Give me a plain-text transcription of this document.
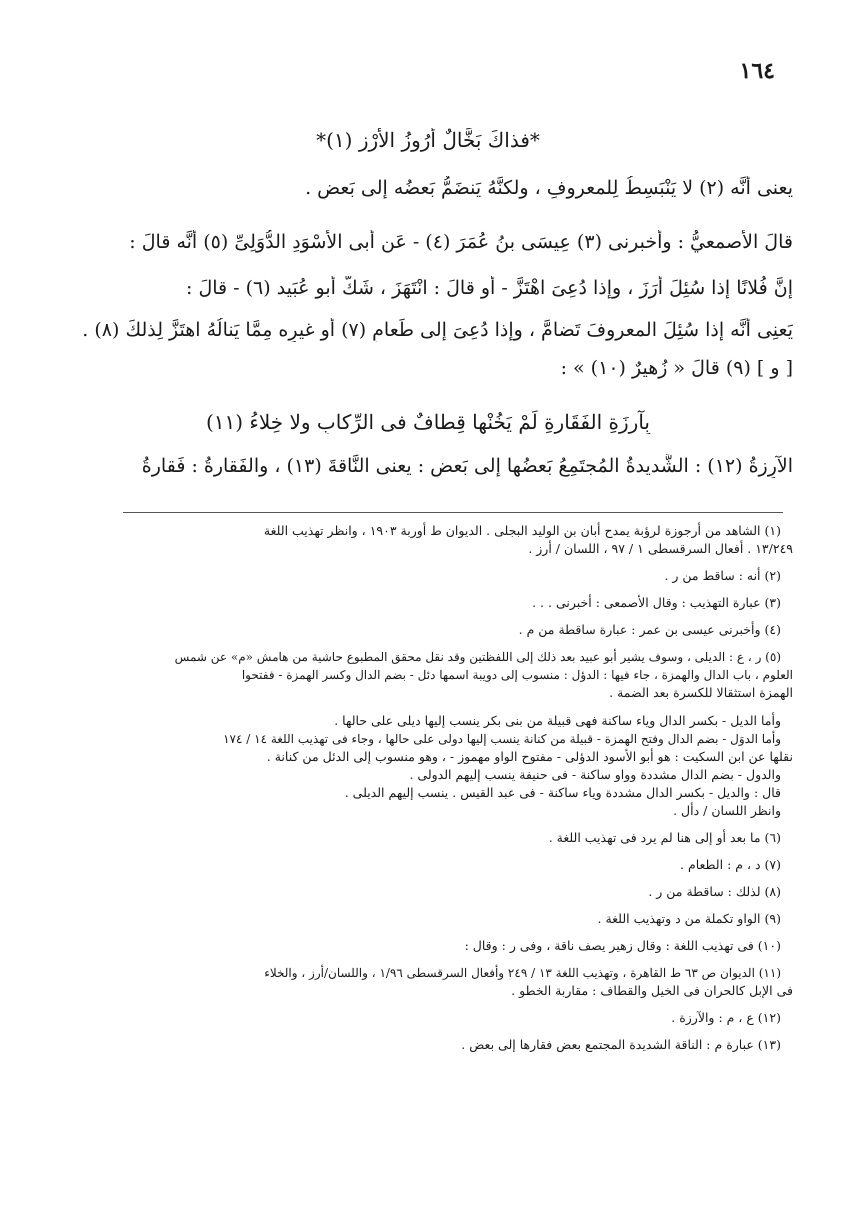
١٦٤

*فذاكَ بَخَّالٌ أَرُوزُ الأَرْزِ (١)*

يعنى أنَّه (٢) لا يَنْبَسِطُ لِلمعروفِ ، ولكنَّهُ يَنضَمُّ بَعضُه إلى بَعضٍ .

قالَ الأَصمعيُّ : وأَخبرنى (٣) عِيسَى بنُ عُمَرَ (٤) - عَن أَبى الأَسْوَدِ الدُّوَلِىِّ (٥) أَنَّه قالَ :

إنَّ فُلانًا إذا سُئِلَ أَرَزَ ، وإذا دُعِىَ اهْتَزَّ - أو قالَ : انْتَهَزَ ، شَكَّ أبو عُبَيد (٦) - قالَ :

يَعنِى أنَّه إذا سُئِلَ المعروفَ تَضامَّ ، وإذا دُعِىَ إلى طَعامٍ (٧) أو غيرِه مِمَّا يَنالُهُ اهتَزَّ لِذلكَ (٨) .

[ و ] (٩) قالَ « زُهيرٌ (١٠) » :

بِآرِزَةِ الفَقَارةِ لَمْ يَخُنْها قِطافٌ فى الرِّكابِ ولا خِلاءُ (١١)

الآرِزةُ (١٢) : الشَّديدةُ المُجتَمِعُ بَعضُها إلى بَعضٍ : يعنى النَّاقةَ (١٣) ، والفَقارةُ : فَقارةُ

(١) الشاهد من أرجوزة لرؤبة يمدح أبان بن الوليد البجلى . الديوان ط أوربة ١٩٠٣ ، وانظر تهذيب اللغة

١٣/٢٤٩ . أفعال السرقسطى ١ / ٩٧ ، اللسان / أرز .

(٢) أنه : ساقط من ر .

(٣) عبارة التهذيب : وقال الأصمعى : أخبرنى . . .

(٤) وأخبرنى عيسى بن عمر : عبارة ساقطة من م .

(٥) ر ، ع : الديلى ، وسوف يشير أبو عبيد بعد ذلك إلى اللفظتين وقد نقل محقق المطبوع حاشية من هامش «م» عن شمس

العلوم ، باب الدال والهمزة ، جاء فيها : الدؤل : منسوب إلى دويبة اسمها دئل - بضم الدال وكسر الهمزة - ففتحوا

الهمزة استثقالا للكسرة بعد الضمة .

وأما الديل - بكسر الدال وياء ساكنة فهى قبيلة من بنى بكر ينسب إليها ديلى على حالها .

وأما الدوَل - بضم الدال وفتح الهمزة - قبيلة من كنانة ينسب إليها دولى على حالها ، وجاء فى تهذيب اللغة ١٤ / ١٧٤

نقلها عن ابن السكيت : هو أبو الأسود الدؤلى - مفتوح الواو مهموز - ، وهو منسوب إلى الدئل من كنانة .

والدول - بضم الدال مشددة وواو ساكنة - فى حنيفة ينسب إليهم الدولى .

قال : والديل - بكسر الدال مشددة وياء ساكنة - فى عبد القيس . ينسب إليهم الديلى .

وانظر اللسان / دأل .

(٦) ما بعد أو إلى هنا لم يرد فى تهذيب اللغة .

(٧) د ، م : الطعام .

(٨) لذلك : ساقطة من ر .

(٩) الواو تكملة من د وتهذيب اللغة .

(١٠) فى تهذيب اللغة : وقال زهير يصف ناقة ، وفى ر : وقال :

(١١) الديوان ص ٦٣ ط القاهرة ، وتهذيب اللغة ١٣ / ٢٤٩ وأفعال السرقسطى ١/٩٦ ، واللسان/أرز ، والخلاء

فى الإبل كالحران فى الخيل والقطاف : مقاربة الخطو .

(١٢) ع ، م : والآرزة .

(١٣) عبارة م : الناقة الشديدة المجتمع بعض فقارها إلى بعض .
